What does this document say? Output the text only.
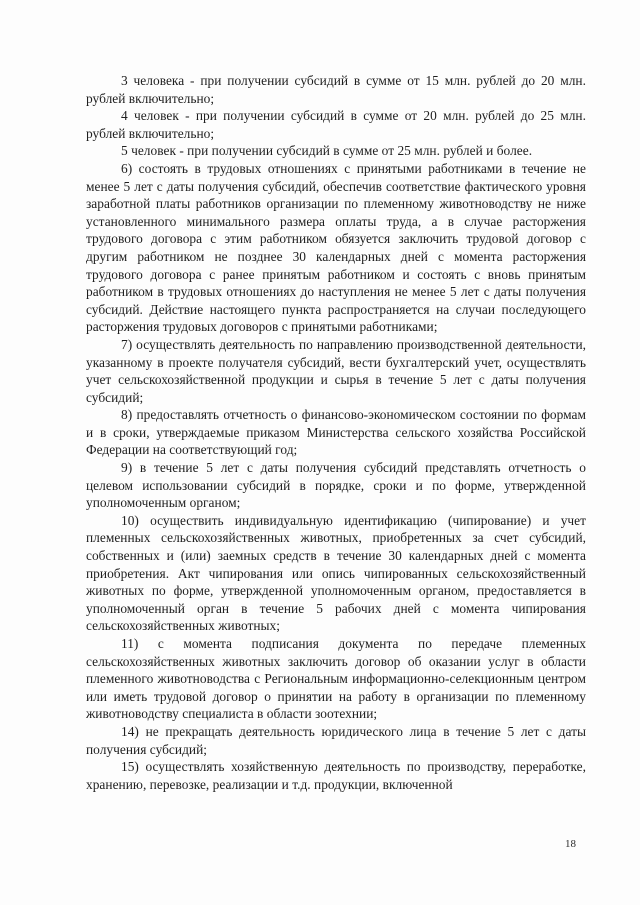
3 человека - при получении субсидий в сумме от 15 млн. рублей до 20 млн. рублей включительно;

4 человек - при получении субсидий в сумме от 20 млн. рублей до 25 млн. рублей включительно;

5 человек - при получении субсидий в сумме от 25 млн. рублей и более.

6) состоять в трудовых отношениях с принятыми работниками в течение не менее 5 лет с даты получения субсидий, обеспечив соответствие фактического уровня заработной платы работников организации по племенному животноводству не ниже установленного минимального размера оплаты труда, а в случае расторжения трудового договора с этим работником обязуется заключить трудовой договор с другим работником не позднее 30 календарных дней с момента расторжения трудового договора с ранее принятым работником и состоять с вновь принятым работником в трудовых отношениях до наступления не менее 5 лет с даты получения субсидий. Действие настоящего пункта распространяется на случаи последующего расторжения трудовых договоров с принятыми работниками;

7) осуществлять деятельность по направлению производственной деятельности, указанному в проекте получателя субсидий, вести бухгалтерский учет, осуществлять учет сельскохозяйственной продукции и сырья в течение 5 лет с даты получения субсидий;

8) предоставлять отчетность о финансово-экономическом состоянии по формам и в сроки, утверждаемые приказом Министерства сельского хозяйства Российской Федерации на соответствующий год;

9) в течение 5 лет с даты получения субсидий представлять отчетность о целевом использовании субсидий в порядке, сроки и по форме, утвержденной уполномоченным органом;

10) осуществить индивидуальную идентификацию (чипирование) и учет племенных сельскохозяйственных животных, приобретенных за счет субсидий, собственных и (или) заемных средств в течение 30 календарных дней с момента приобретения. Акт чипирования или опись чипированных сельскохозяйственный животных по форме, утвержденной уполномоченным органом, предоставляется в уполномоченный орган в течение 5 рабочих дней с момента чипирования сельскохозяйственных животных;

11) с момента подписания документа по передаче племенных сельскохозяйственных животных заключить договор об оказании услуг в области племенного животноводства с Региональным информационно-селекционным центром или иметь трудовой договор о принятии на работу в организации по племенному животноводству специалиста в области зоотехнии;

14) не прекращать деятельность юридического лица в течение 5 лет с даты получения субсидий;

15) осуществлять хозяйственную деятельность по производству, переработке, хранению, перевозке, реализации и т.д. продукции, включенной

18
